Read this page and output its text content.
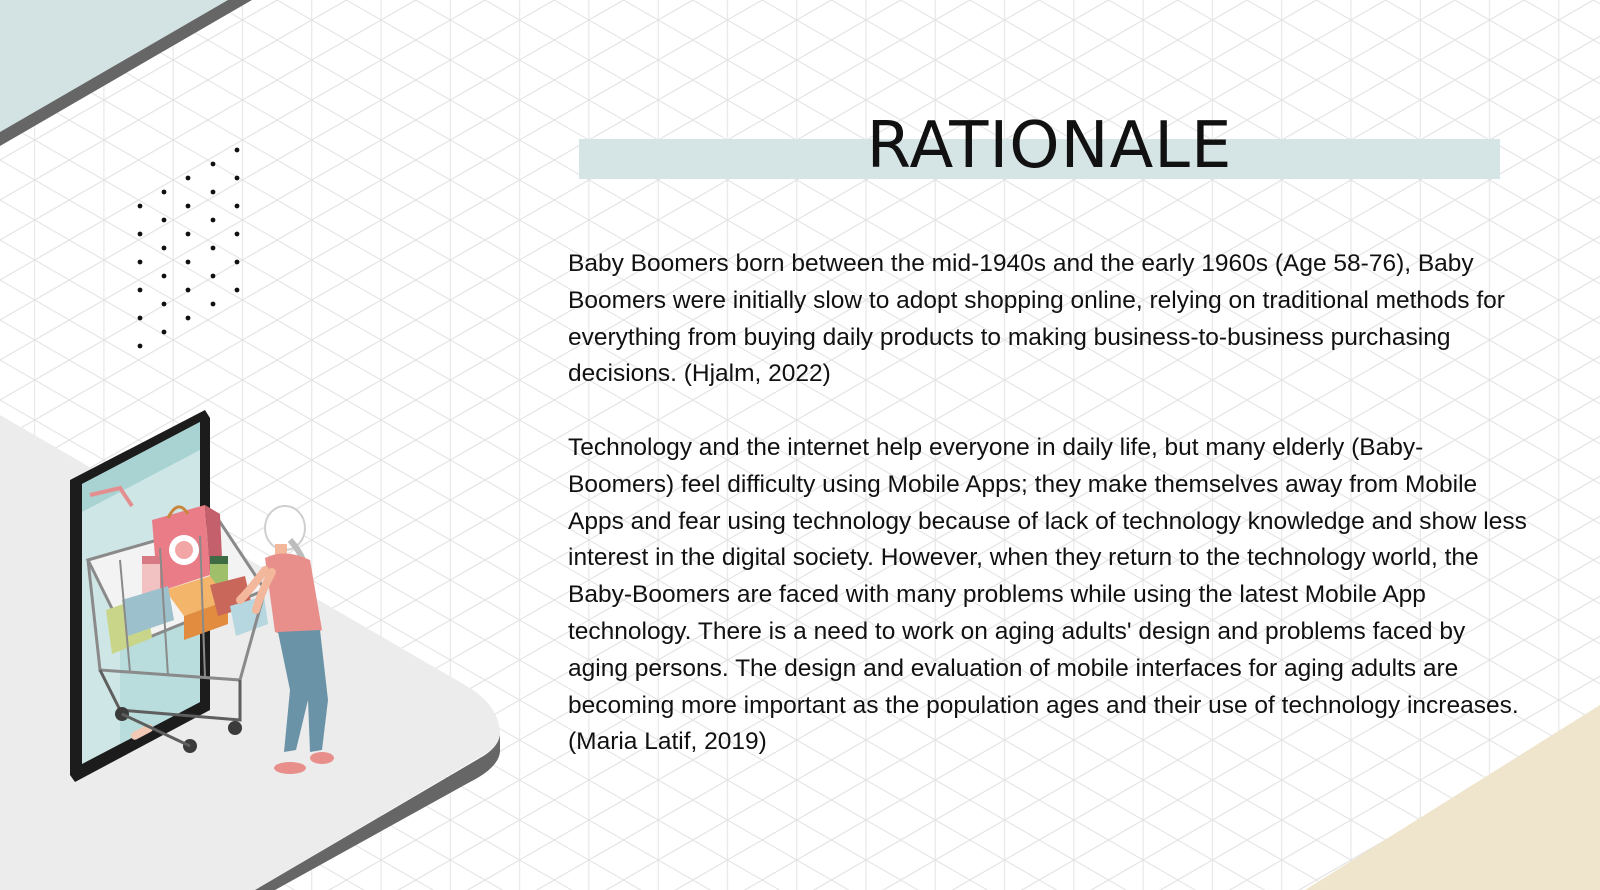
RATIONALE

Baby Boomers born between the mid-1940s and the early 1960s (Age 58-76), Baby Boomers were initially slow to adopt shopping online, relying on traditional methods for everything from buying daily products to making business-to-business purchasing decisions. (Hjalm, 2022)

Technology and the internet help everyone in daily life, but many elderly (Baby-Boomers) feel difficulty using Mobile Apps; they make themselves away from Mobile Apps and fear using technology because of lack of technology knowledge and show less interest in the digital society. However, when they return to the technology world, the Baby-Boomers are faced with many problems while using the latest Mobile App technology. There is a need to work on aging adults' design and problems faced by aging persons. The design and evaluation of mobile interfaces for aging adults are becoming more important as the population ages and their use of technology increases. (Maria Latif, 2019)
